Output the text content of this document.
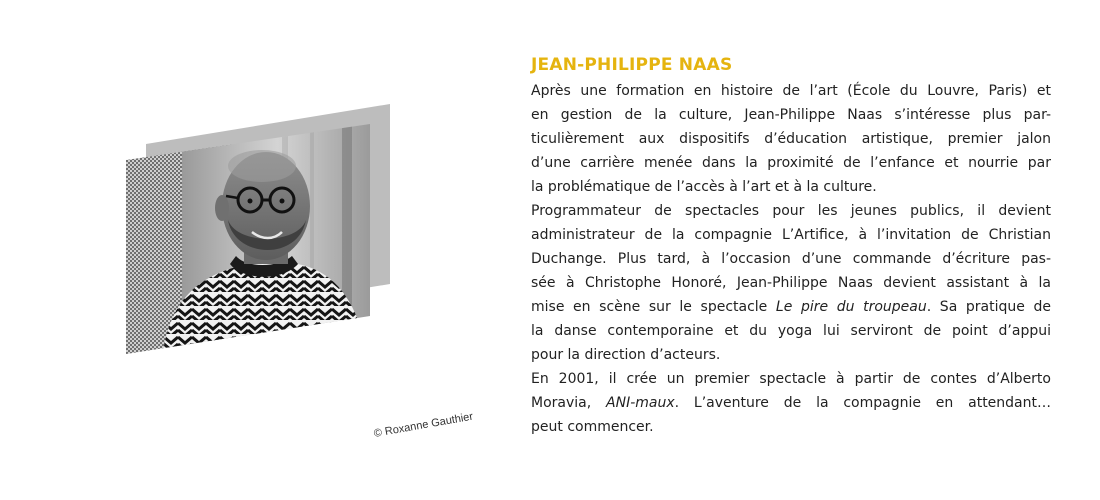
© Roxanne Gauthier
JEAN-PHILIPPE NAAS

Après une formation en histoire de l’art (École du Louvre, Paris) et
en gestion de la culture, Jean-Philippe Naas s’intéresse plus par-
ticulièrement aux dispositifs d’éducation artistique, premier jalon
d’une carrière menée dans la proximité de l’enfance et nourrie par
la problématique de l’accès à l’art et à la culture.

Programmateur de spectacles pour les jeunes publics, il devient
administrateur de la compagnie L’Artifice, à l’invitation de Christian
Duchange. Plus tard, à l’occasion d’une commande d’écriture pas-
sée à Christophe Honoré, Jean-Philippe Naas devient assistant à la
mise en scène sur le spectacle Le pire du troupeau. Sa pratique de
la danse contemporaine et du yoga lui serviront de point d’appui
pour la direction d’acteurs.

En 2001, il crée un premier spectacle à partir de contes d’Alberto
Moravia, ANI-maux. L’aventure de la compagnie en attendant…
peut commencer.
